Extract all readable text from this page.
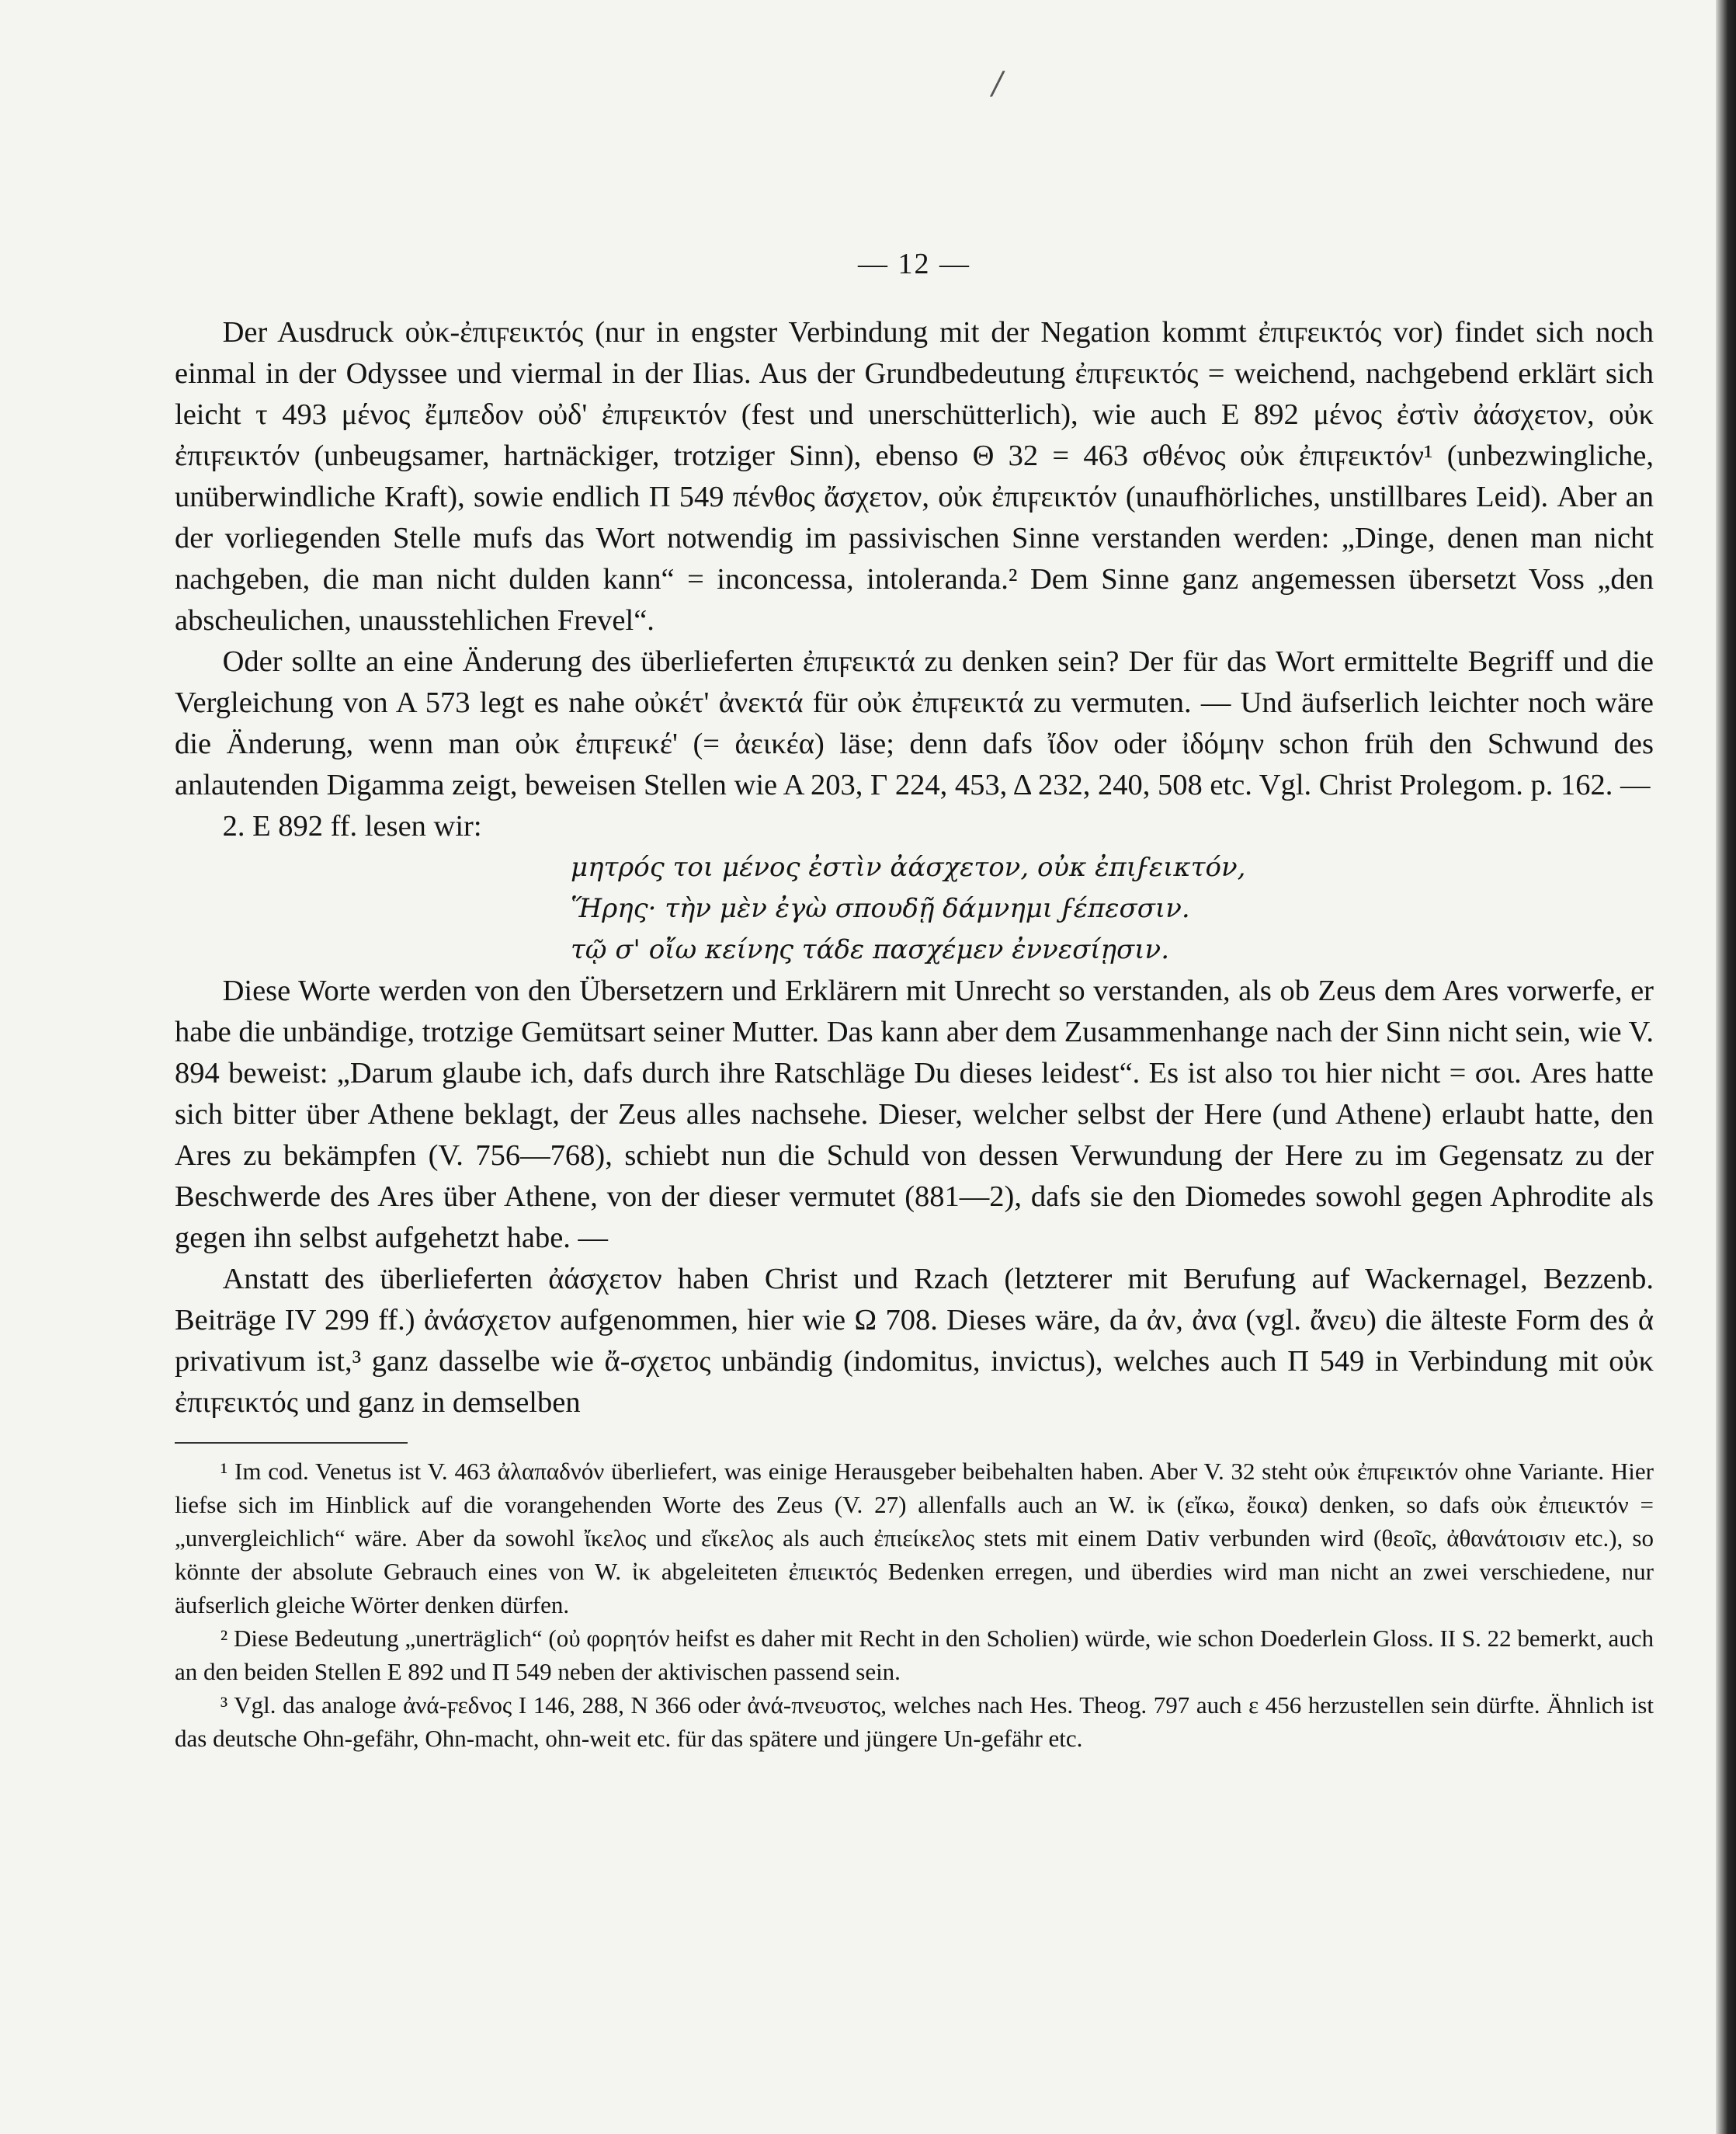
/
— 12 —

Der Ausdruck οὐκ-ἐπιϝεικτός (nur in engster Verbindung mit der Negation kommt ἐπιϝεικτός vor) findet sich noch einmal in der Odyssee und viermal in der Ilias. Aus der Grundbedeutung ἐπιϝεικτός = weichend, nachgebend erklärt sich leicht τ 493 μένος ἔμπεδον οὐδ' ἐπιϝεικτόν (fest und unerschütterlich), wie auch E 892 μένος ἐστὶν ἀάσχετον, οὐκ ἐπιϝεικτόν (unbeugsamer, hartnäckiger, trotziger Sinn), ebenso Θ 32 = 463 σθένος οὐκ ἐπιϝεικτόν¹ (unbezwingliche, unüberwindliche Kraft), sowie endlich Π 549 πένθος ἄσχετον, οὐκ ἐπιϝεικτόν (unaufhörliches, unstillbares Leid). Aber an der vorliegenden Stelle mufs das Wort notwendig im passivischen Sinne verstanden werden: „Dinge, denen man nicht nachgeben, die man nicht dulden kann“ = inconcessa, intoleranda.² Dem Sinne ganz angemessen übersetzt Voss „den abscheulichen, unausstehlichen Frevel“.

Oder sollte an eine Änderung des überlieferten ἐπιϝεικτά zu denken sein? Der für das Wort ermittelte Begriff und die Vergleichung von A 573 legt es nahe οὐκέτ' ἀνεκτά für οὐκ ἐπιϝεικτά zu vermuten. — Und äufserlich leichter noch wäre die Änderung, wenn man οὐκ ἐπιϝεικέ' (= ἀεικέα) läse; denn dafs ἴδον oder ἰδόμην schon früh den Schwund des anlautenden Digamma zeigt, beweisen Stellen wie A 203, Γ 224, 453, Δ 232, 240, 508 etc. Vgl. Christ Prolegom. p. 162. —

2. E 892 ff. lesen wir:

μητρός τοι μένος ἐστὶν ἀάσχετον, οὐκ ἐπιϝεικτόν,
Ἥρης· τὴν μὲν ἐγὼ σπουδῇ δάμνημι ϝέπεσσιν.
τῷ σ' οἴω κείνης τάδε πασχέμεν ἐννεσίῃσιν.

Diese Worte werden von den Übersetzern und Erklärern mit Unrecht so verstanden, als ob Zeus dem Ares vorwerfe, er habe die unbändige, trotzige Gemütsart seiner Mutter. Das kann aber dem Zusammenhange nach der Sinn nicht sein, wie V. 894 beweist: „Darum glaube ich, dafs durch ihre Ratschläge Du dieses leidest“. Es ist also τοι hier nicht = σοι. Ares hatte sich bitter über Athene beklagt, der Zeus alles nachsehe. Dieser, welcher selbst der Here (und Athene) erlaubt hatte, den Ares zu bekämpfen (V. 756—768), schiebt nun die Schuld von dessen Verwundung der Here zu im Gegensatz zu der Beschwerde des Ares über Athene, von der dieser vermutet (881—2), dafs sie den Diomedes sowohl gegen Aphrodite als gegen ihn selbst aufgehetzt habe. —

Anstatt des überlieferten ἀάσχετον haben Christ und Rzach (letzterer mit Berufung auf Wackernagel, Bezzenb. Beiträge IV 299 ff.) ἀνάσχετον aufgenommen, hier wie Ω 708. Dieses wäre, da ἀν, ἀνα (vgl. ἄνευ) die älteste Form des ἀ privativum ist,³ ganz dasselbe wie ἄ-σχετος unbändig (indomitus, invictus), welches auch Π 549 in Verbindung mit οὐκ ἐπιϝεικτός und ganz in demselben

¹ Im cod. Venetus ist V. 463 ἀλαπαδνόν überliefert, was einige Herausgeber beibehalten haben. Aber V. 32 steht οὐκ ἐπιϝεικτόν ohne Variante. Hier liefse sich im Hinblick auf die vorangehenden Worte des Zeus (V. 27) allenfalls auch an W. ἰκ (εἴκω, ἔοικα) denken, so dafs οὐκ ἐπιεικτόν = „unvergleichlich“ wäre. Aber da sowohl ἴκελος und εἴκελος als auch ἐπιείκελος stets mit einem Dativ verbunden wird (θεοῖς, ἀθανάτοισιν etc.), so könnte der absolute Gebrauch eines von W. ἰκ abgeleiteten ἐπιεικτός Bedenken erregen, und überdies wird man nicht an zwei verschiedene, nur äufserlich gleiche Wörter denken dürfen.

² Diese Bedeutung „unerträglich“ (οὐ φορητόν heifst es daher mit Recht in den Scholien) würde, wie schon Doederlein Gloss. II S. 22 bemerkt, auch an den beiden Stellen E 892 und Π 549 neben der aktivischen passend sein.

³ Vgl. das analoge ἀνά-ϝεδνος I 146, 288, N 366 oder ἀνά-πνευστος, welches nach Hes. Theog. 797 auch ε 456 herzustellen sein dürfte. Ähnlich ist das deutsche Ohn-gefähr, Ohn-macht, ohn-weit etc. für das spätere und jüngere Un-gefähr etc.
